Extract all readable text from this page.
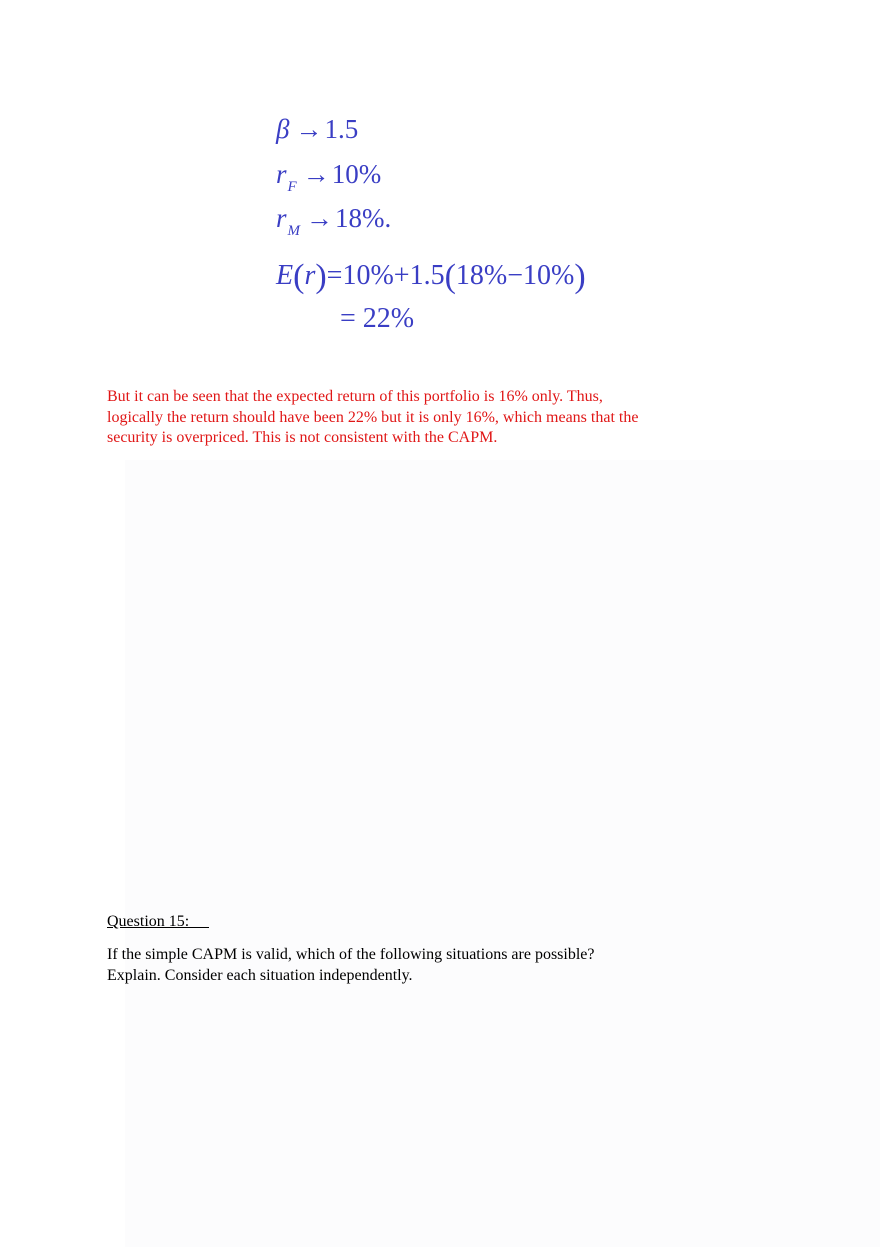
β →1.5
$r_F \to 10\%$
$r_M \to 18\%$.
E(r)=10%+1.5(18%−10%)
= 22%

But it can be seen that the expected return of this portfolio is 16% only. Thus, logically the return should have been 22% but it is only 16%, which means that the security is overpriced. This is not consistent with the CAPM.

Question 15:

If the simple CAPM is valid, which of the following situations are possible? Explain. Consider each situation independently.
